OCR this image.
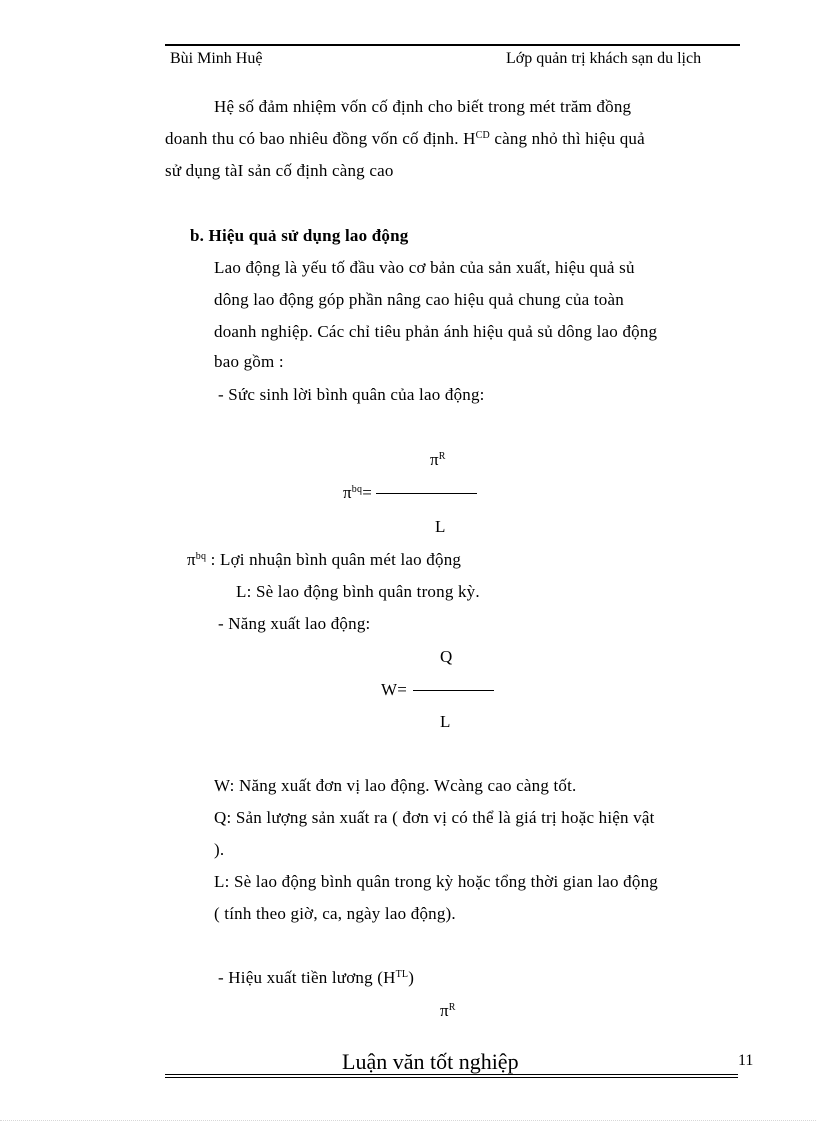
Bùi Minh Huệ	Lớp quản trị khách sạn du lịch
Hệ số đảm nhiệm vốn cố định cho biết trong mét trăm đồng
doanh thu có bao nhiêu đồng vốn cố định. $H^{CD}$ càng nhỏ thì hiệu quả
sử dụng tàI sản cố định càng cao
b. Hiệu quả sử dụng lao động
Lao động là yếu tố đầu vào cơ bản của sản xuất, hiệu quả sủ
dông lao động góp phần nâng cao hiệu quả chung của toàn
doanh nghiệp. Các chỉ tiêu phản ánh hiệu quả sủ dông lao động
bao gồm :
- Sức sinh lời bình quân của lao động:
$\pi^R$
$\pi^{bq}=$
L
$\pi^{bq}$ : Lợi nhuận bình quân mét lao động
L: Sè lao động bình quân trong kỳ.
- Năng xuất lao động:
Q
W=
L
W: Năng xuất đơn vị lao động. Wcàng cao càng tốt.
Q: Sản lượng sản xuất ra ( đơn vị có thể là giá trị hoặc hiện vật
).
L: Sè lao động bình quân trong kỳ hoặc tổng thời gian lao động
( tính theo giờ, ca, ngày lao động).
- Hiệu xuất tiền lương $(H^{TL})$
$\pi^R$
Luận văn tốt nghiệp	11
